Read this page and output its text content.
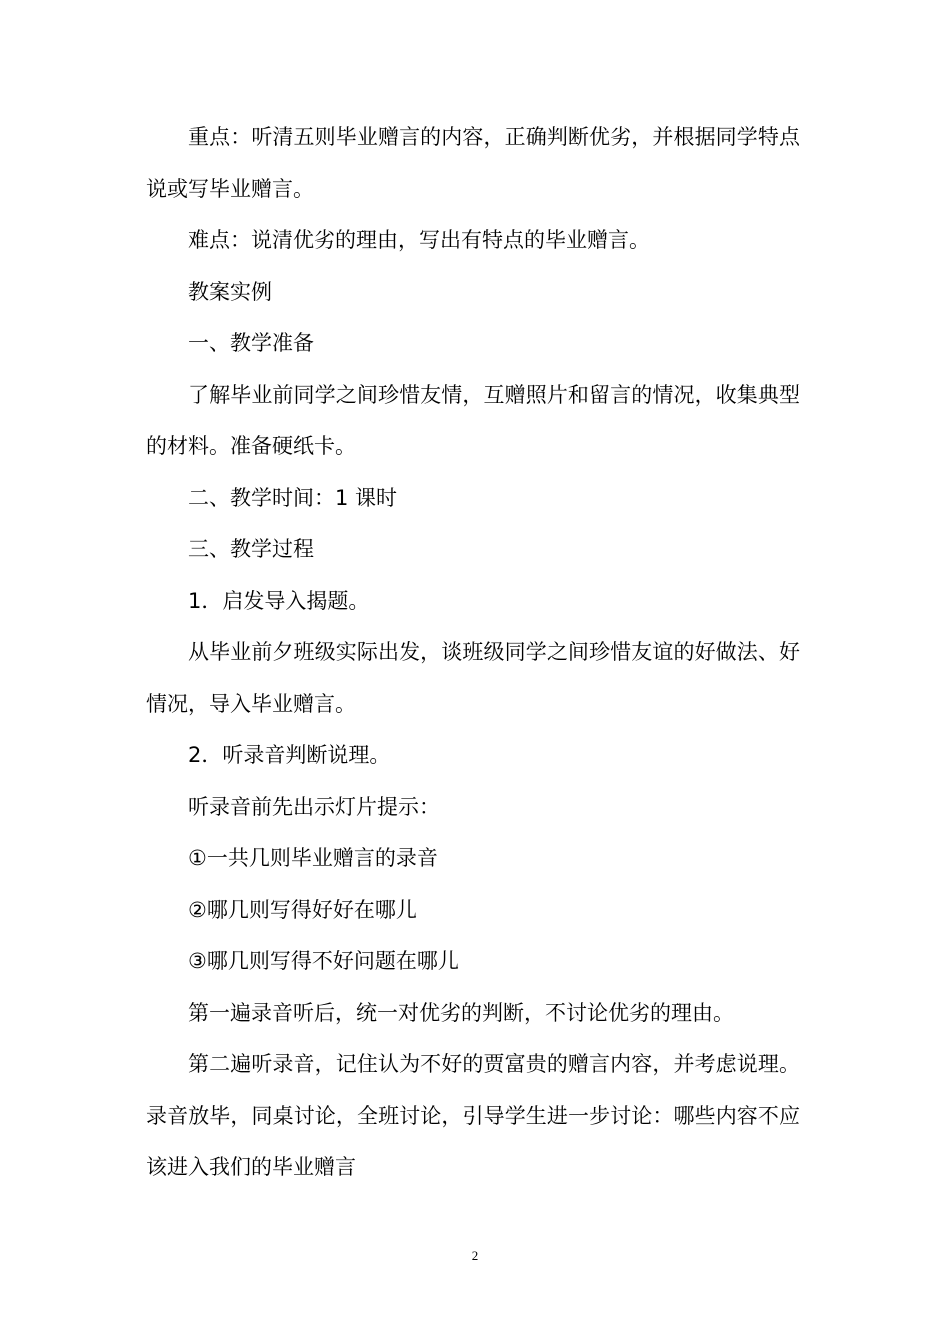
重点：听清五则毕业赠言的内容，正确判断优劣，并根据同学特点说或写毕业赠言。

难点：说清优劣的理由，写出有特点的毕业赠言。

教案实例

一、教学准备

了解毕业前同学之间珍惜友情，互赠照片和留言的情况，收集典型的材料。准备硬纸卡。

二、教学时间：1 课时

三、教学过程

1．启发导入揭题。

从毕业前夕班级实际出发，谈班级同学之间珍惜友谊的好做法、好情况，导入毕业赠言。

2．听录音判断说理。

听录音前先出示灯片提示：

①一共几则毕业赠言的录音

②哪几则写得好好在哪儿

③哪几则写得不好问题在哪儿

第一遍录音听后，统一对优劣的判断，不讨论优劣的理由。

第二遍听录音，记住认为不好的贾富贵的赠言内容，并考虑说理。录音放毕，同桌讨论，全班讨论，引导学生进一步讨论：哪些内容不应该进入我们的毕业赠言

2
